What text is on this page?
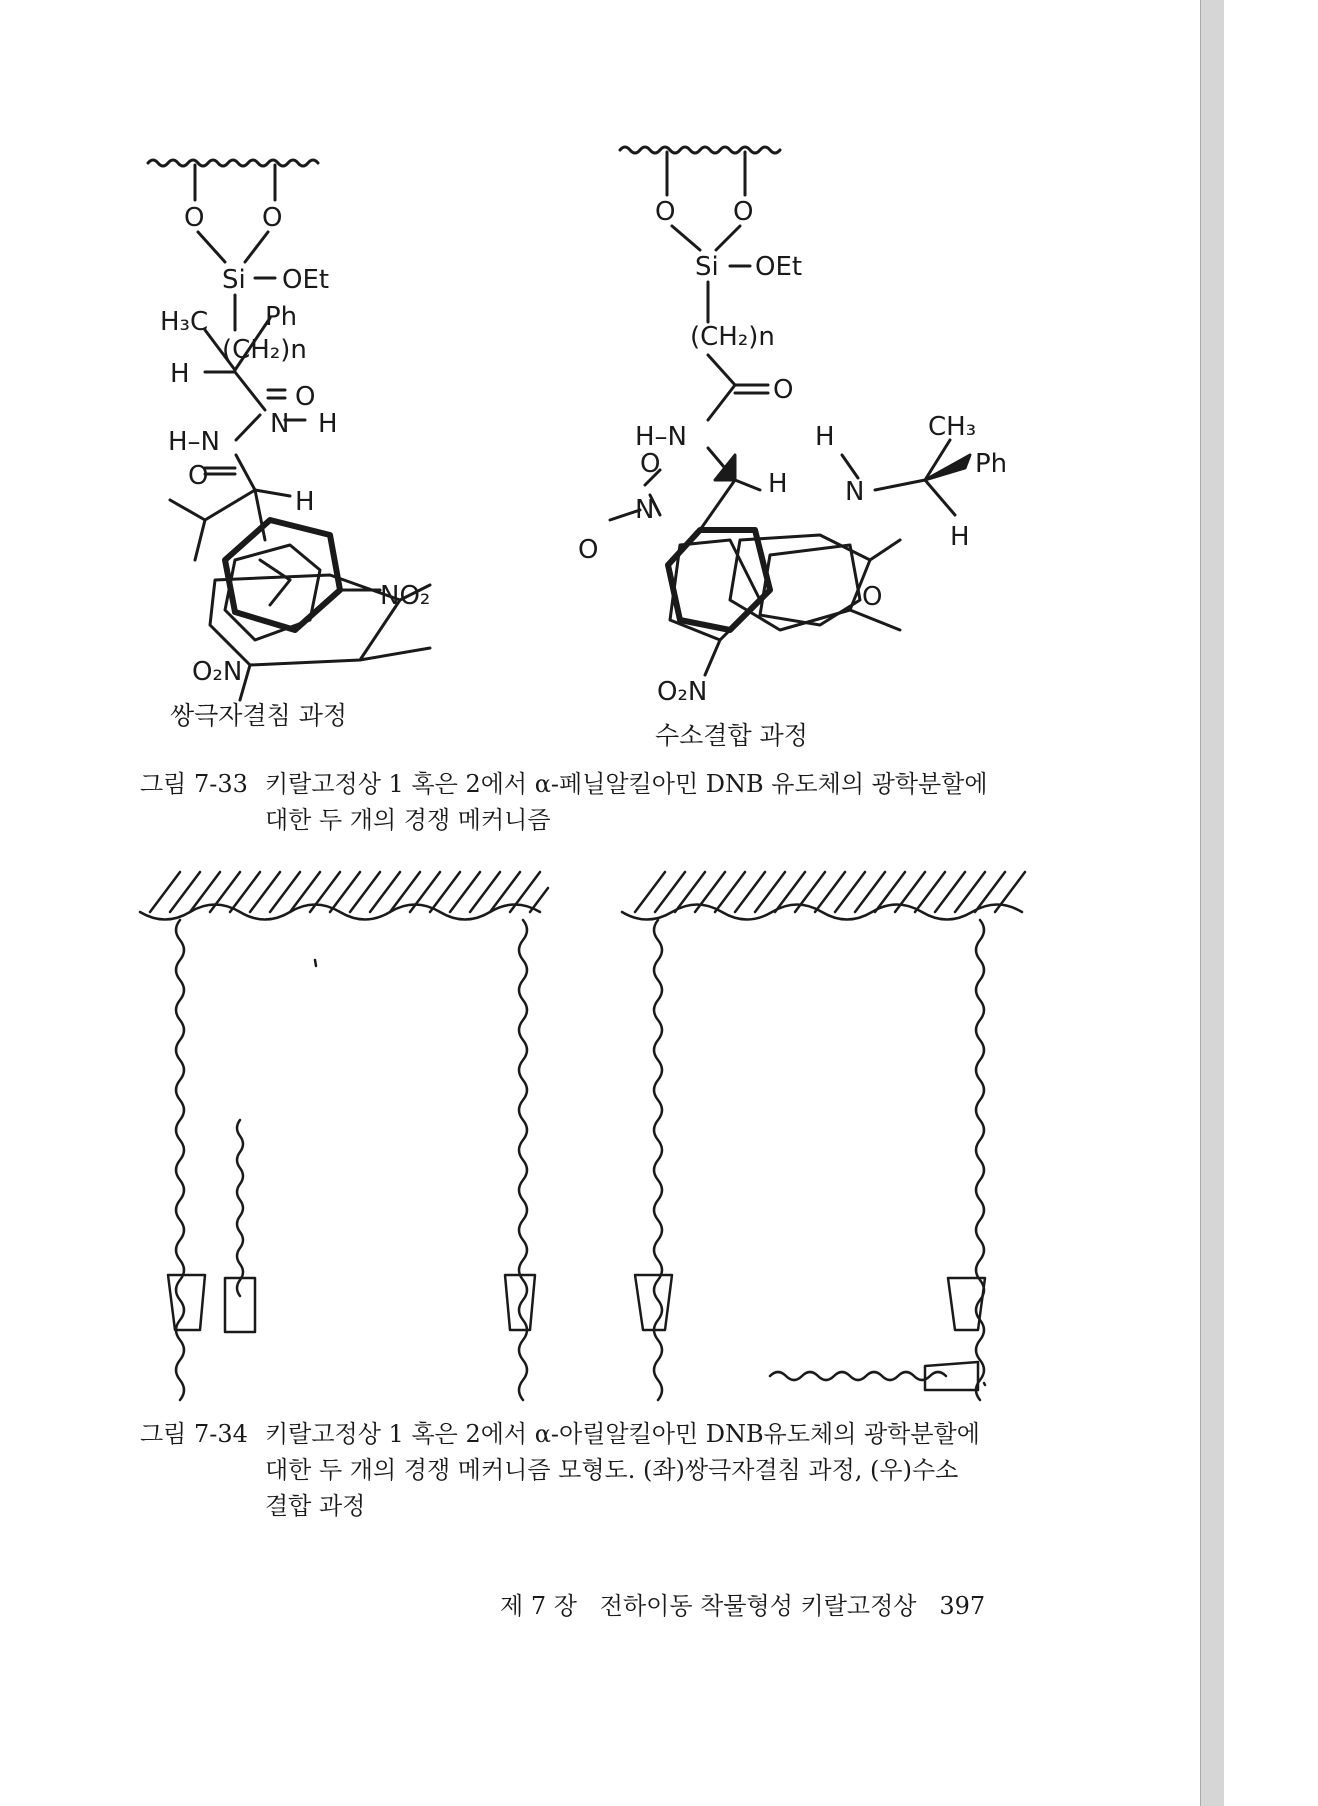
O O
Si OEt
H₃C Ph
(CH₂)n
H
O
N H
H–N
O
H
NO₂
O₂N
O O
Si OEt
(CH₂)n
O
H–N	H	CH₃
Ph
N
H
H
O
O
N
O
O₂N
쌍극자결침 과정
수소결합 과정
그림 7-33 키랄고정상 1 혹은 2에서 α-페닐알킬아민 DNB 유도체의 광학분할에
대한 두 개의 경쟁 메커니즘
그림 7-34 키랄고정상 1 혹은 2에서 α-아릴알킬아민 DNB유도체의 광학분할에
대한 두 개의 경쟁 메커니즘 모형도. (좌)쌍극자결침 과정, (우)수소
결합 과정
제 7 장 전하이동 착물형성 키랄고정상 397
